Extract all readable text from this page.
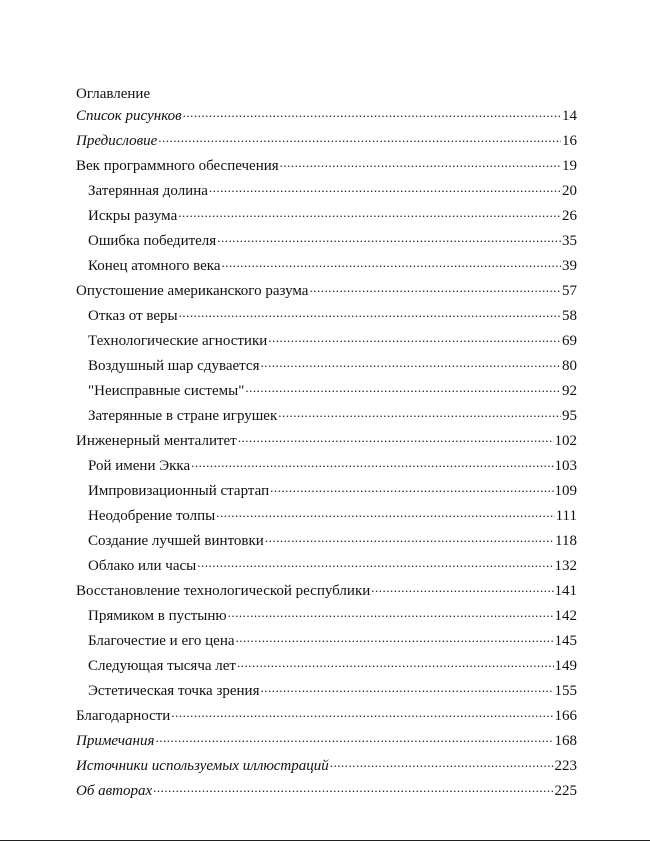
Оглавление
Список рисунков .....	14
Предисловие .....	16
Век программного обеспечения .....	19
Затерянная долина .....	20
Искры разума .....	26
Ошибка победителя .....	35
Конец атомного века .....	39
Опустошение американского разума .....	57
Отказ от веры .....	58
Технологические агностики .....	69
Воздушный шар сдувается .....	80
"Неисправные системы" .....	92
Затерянные в стране игрушек .....	95
Инженерный менталитет .....	102
Рой имени Экка .....	103
Импровизационный стартап .....	109
Неодобрение толпы .....	111
Создание лучшей винтовки .....	118
Облако или часы .....	132
Восстановление технологической республики .....	141
Прямиком в пустыню .....	142
Благочестие и его цена .....	145
Следующая тысяча лет .....	149
Эстетическая точка зрения .....	155
Благодарности .....	166
Примечания .....	168
Источники используемых иллюстраций .....	223
Об авторах .....	225
